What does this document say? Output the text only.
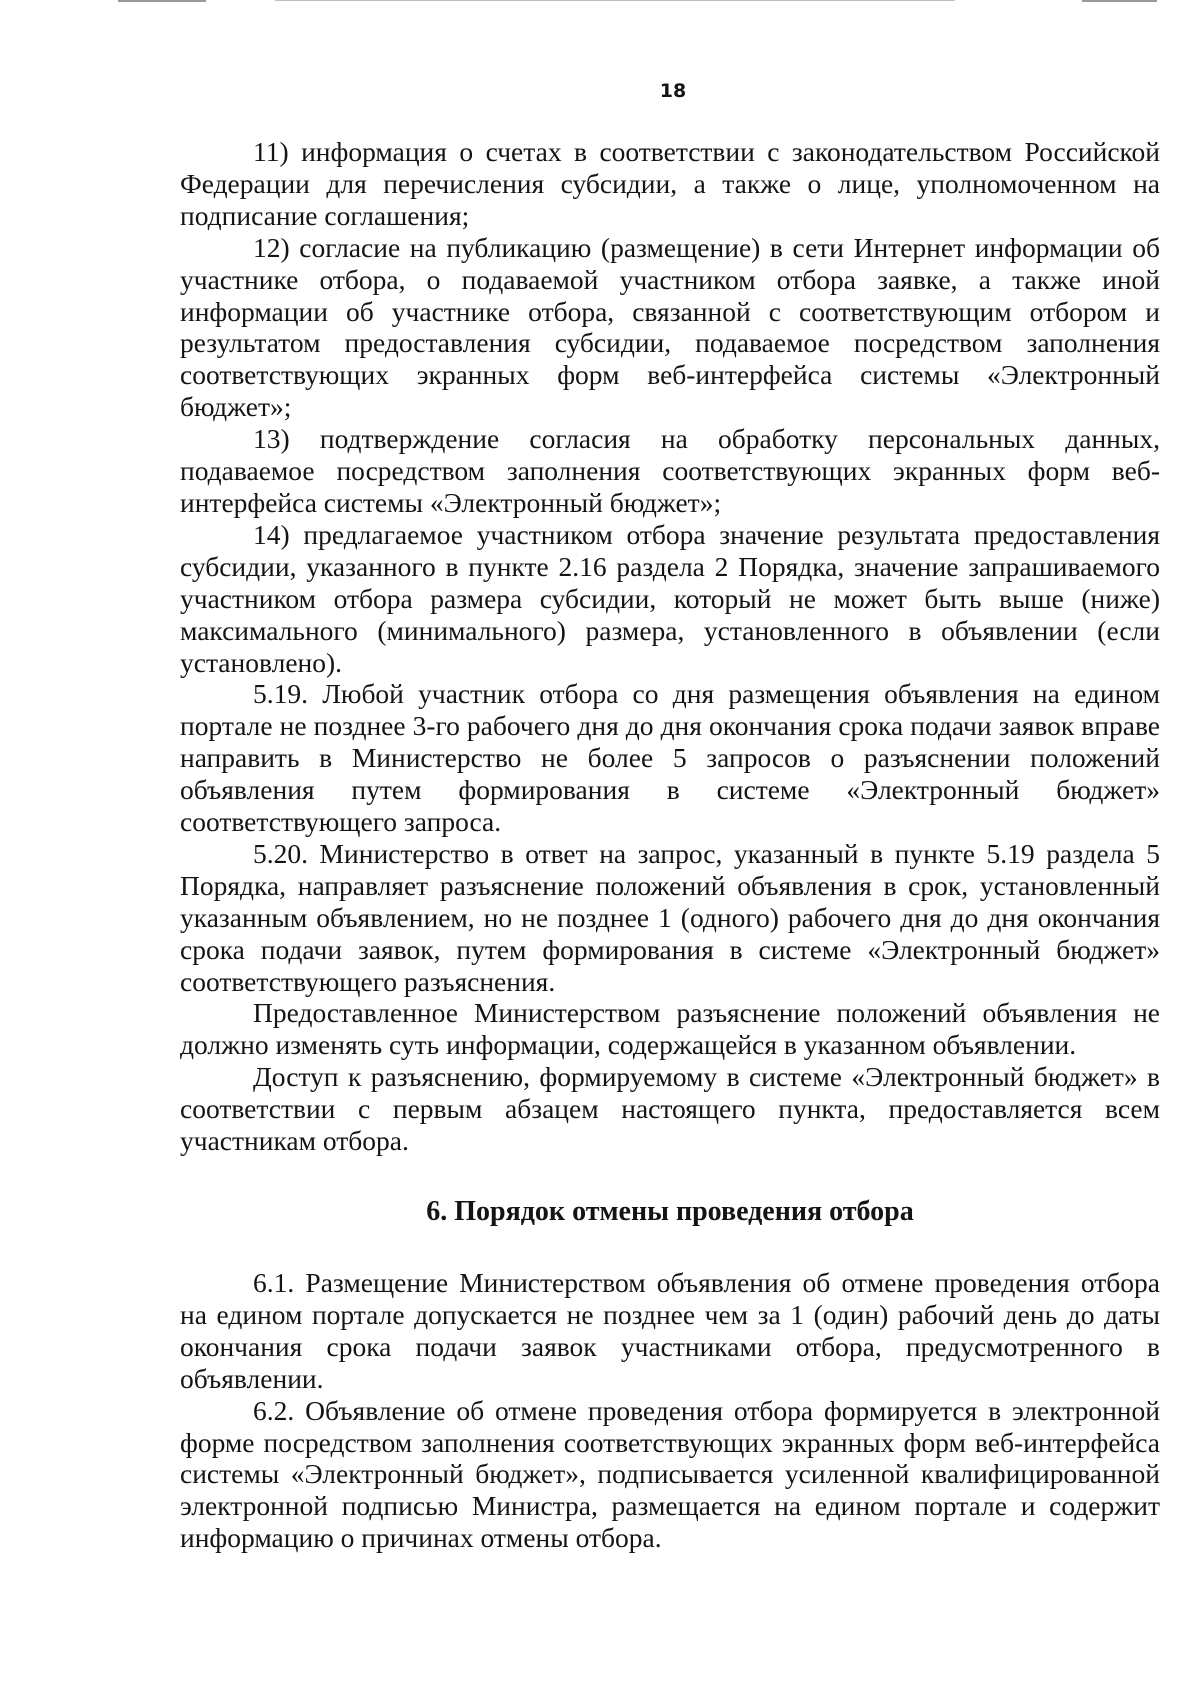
18

11) информация о счетах в соответствии с законодательством Российской Федерации для перечисления субсидии, а также о лице, уполномоченном на подписание соглашения;

12) согласие на публикацию (размещение) в сети Интернет информации об участнике отбора, о подаваемой участником отбора заявке, а также иной информации об участнике отбора, связанной с соответствующим отбором и результатом предоставления субсидии, подаваемое посредством заполнения соответствующих экранных форм веб-интерфейса системы «Электронный бюджет»;

13) подтверждение согласия на обработку персональных данных, подаваемое посредством заполнения соответствующих экранных форм веб-интерфейса системы «Электронный бюджет»;

14) предлагаемое участником отбора значение результата предоставления субсидии, указанного в пункте 2.16 раздела 2 Порядка, значение запрашиваемого участником отбора размера субсидии, который не может быть выше (ниже) максимального (минимального) размера, установленного в объявлении (если установлено).

5.19. Любой участник отбора со дня размещения объявления на едином портале не позднее 3-го рабочего дня до дня окончания срока подачи заявок вправе направить в Министерство не более 5 запросов о разъяснении положений объявления путем формирования в системе «Электронный бюджет» соответствующего запроса.

5.20. Министерство в ответ на запрос, указанный в пункте 5.19 раздела 5 Порядка, направляет разъяснение положений объявления в срок, установленный указанным объявлением, но не позднее 1 (одного) рабочего дня до дня окончания срока подачи заявок, путем формирования в системе «Электронный бюджет» соответствующего разъяснения.

Предоставленное Министерством разъяснение положений объявления не должно изменять суть информации, содержащейся в указанном объявлении.

Доступ к разъяснению, формируемому в системе «Электронный бюджет» в соответствии с первым абзацем настоящего пункта, предоставляется всем участникам отбора.

6. Порядок отмены проведения отбора

6.1. Размещение Министерством объявления об отмене проведения отбора на едином портале допускается не позднее чем за 1 (один) рабочий день до даты окончания срока подачи заявок участниками отбора, предусмотренного в объявлении.

6.2. Объявление об отмене проведения отбора формируется в электронной форме посредством заполнения соответствующих экранных форм веб-интерфейса системы «Электронный бюджет», подписывается усиленной квалифицированной электронной подписью Министра, размещается на едином портале и содержит информацию о причинах отмены отбора.
